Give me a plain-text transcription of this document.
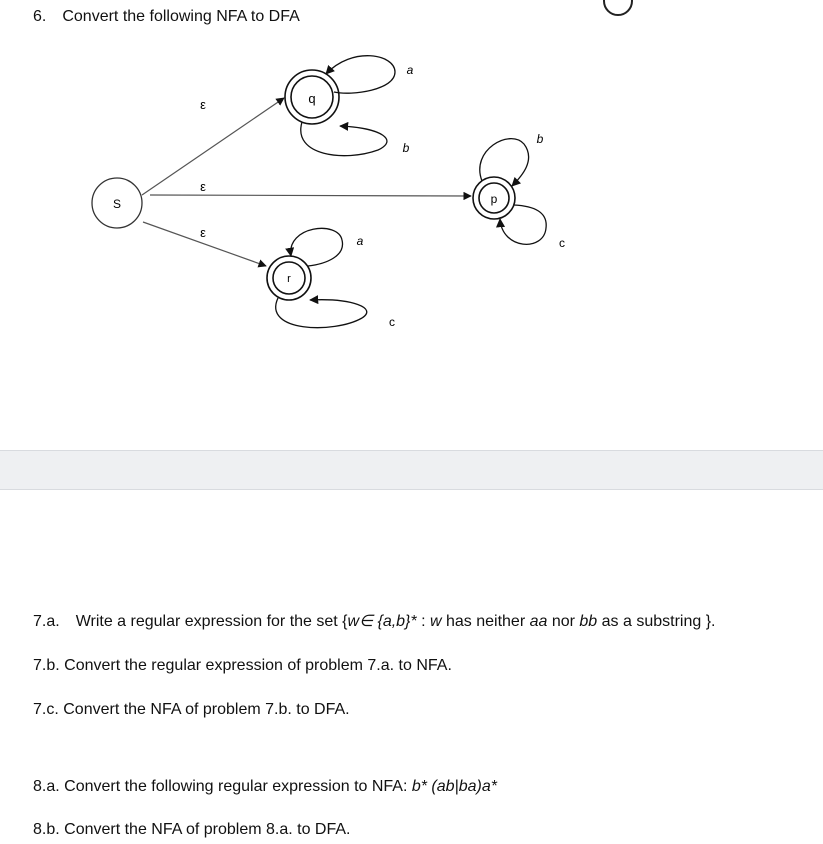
6. Convert the following NFA to DFA
S
q
p
r
ε
ε
ε
a
b
b
c
a
c
7.a. Write a regular expression for the set {w∈ {a,b}* : w has neither aa nor bb as a substring }.
7.b. Convert the regular expression of problem 7.a. to NFA.
7.c. Convert the NFA of problem 7.b. to DFA.
8.a. Convert the following regular expression to NFA: b* (ab|ba)a*
8.b. Convert the NFA of problem 8.a. to DFA.
